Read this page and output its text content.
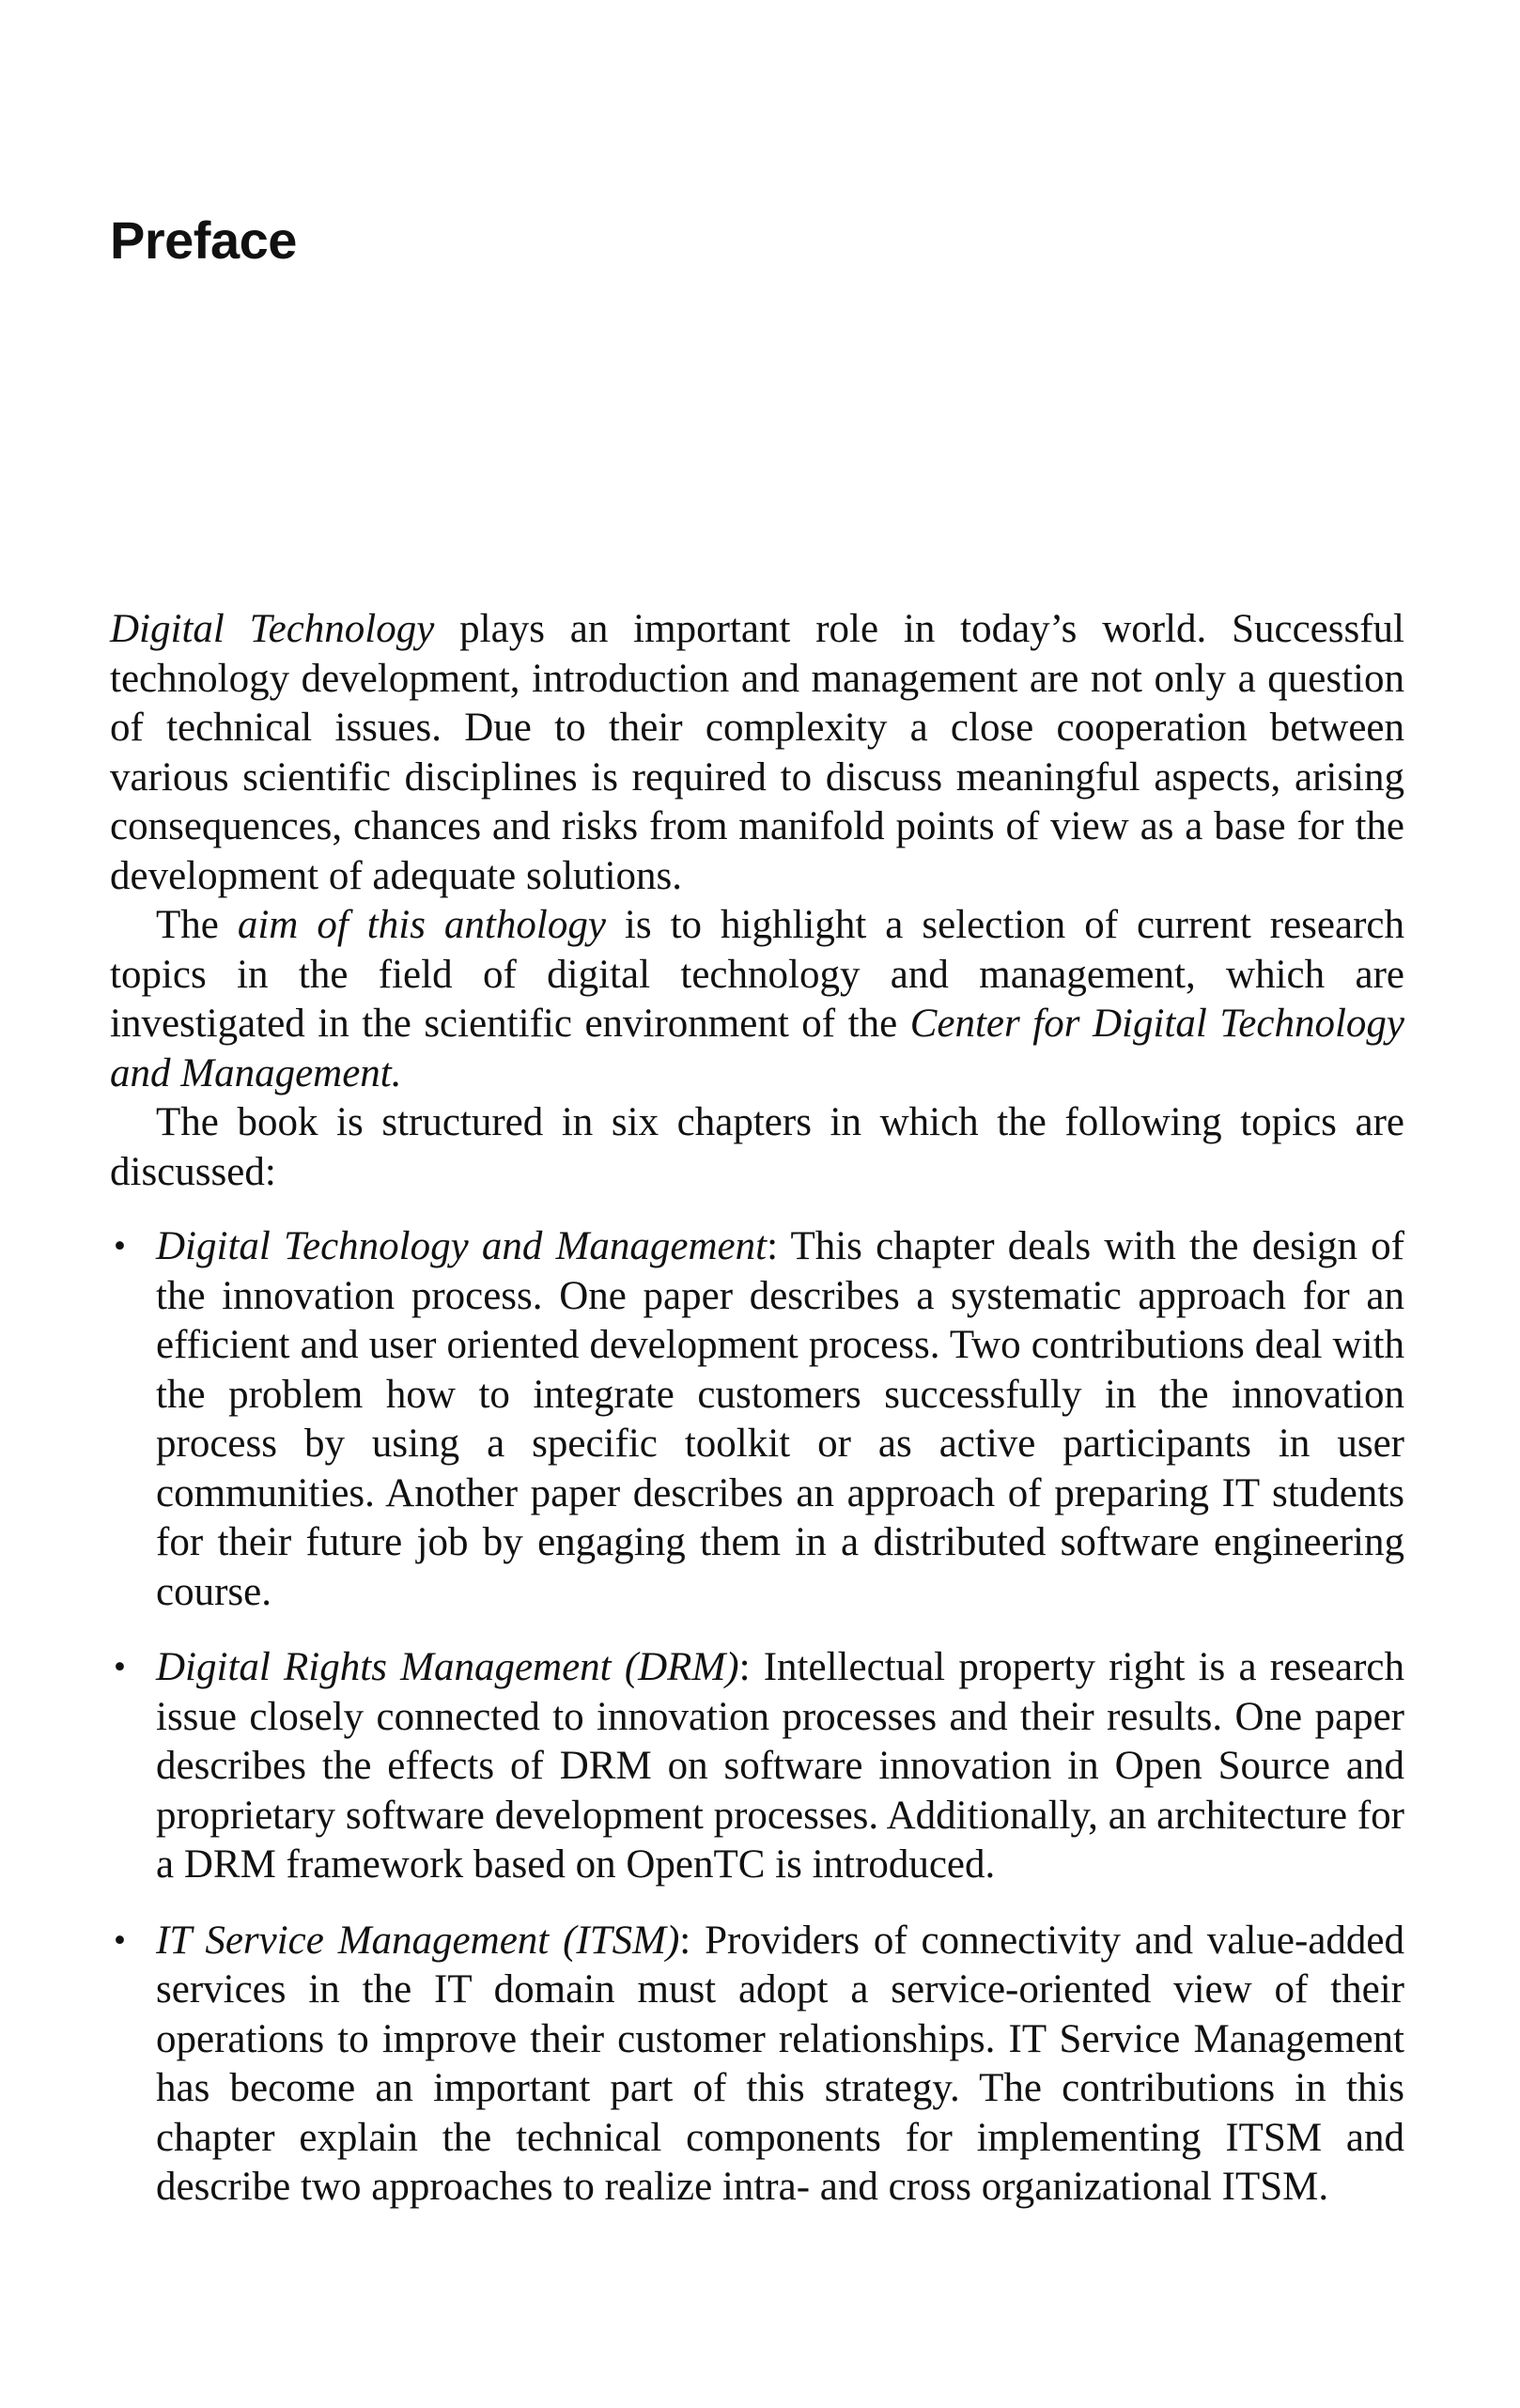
Preface

Digital Technology plays an important role in today’s world. Successful technology development, introduction and management are not only a question of technical issues. Due to their complexity a close cooperation between various scientific disciplines is required to discuss meaningful aspects, arising consequences, chances and risks from manifold points of view as a base for the development of adequate solutions.

The aim of this anthology is to highlight a selection of current research topics in the field of digital technology and management, which are investigated in the scientific environment of the Center for Digital Technology and Management.

The book is structured in six chapters in which the following topics are discussed:

• Digital Technology and Management: This chapter deals with the design of the innovation process. One paper describes a systematic approach for an efficient and user oriented development process. Two contributions deal with the problem how to integrate customers successfully in the innovation process by using a specific toolkit or as active participants in user communities. Another paper describes an approach of preparing IT students for their future job by engaging them in a distributed software engineering course.
• Digital Rights Management (DRM): Intellectual property right is a research issue closely connected to innovation processes and their results. One paper describes the effects of DRM on software innovation in Open Source and proprietary software development processes. Additionally, an architecture for a DRM framework based on OpenTC is introduced.
• IT Service Management (ITSM): Providers of connectivity and value-added services in the IT domain must adopt a service-oriented view of their operations to improve their customer relationships. IT Service Management has become an important part of this strategy. The contributions in this chapter explain the technical components for implementing ITSM and describe two approaches to realize intra- and cross organizational ITSM.
